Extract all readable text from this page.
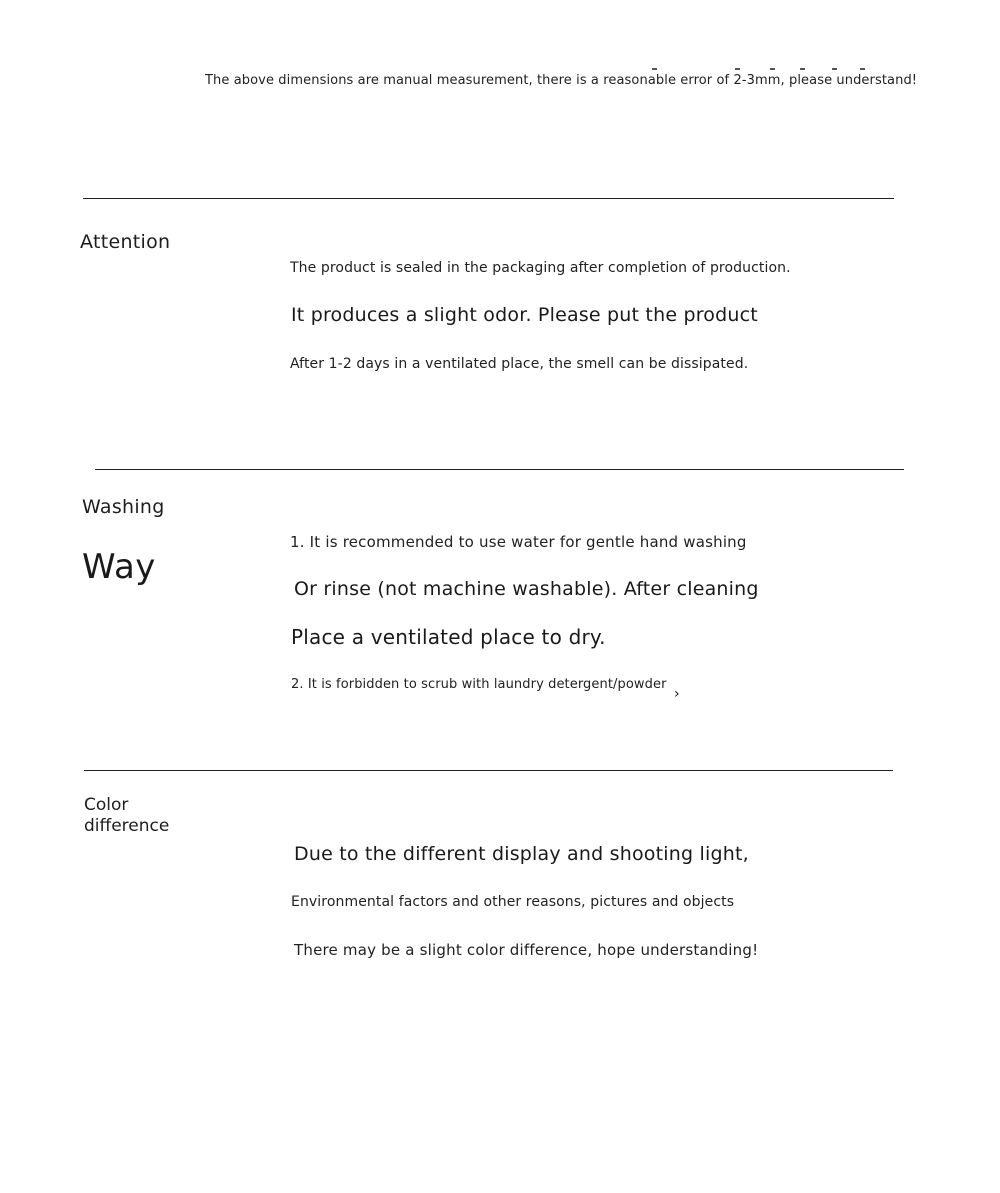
The above dimensions are manual measurement, there is a reasonable error of 2-3mm, please understand!
Attention
The product is sealed in the packaging after completion of production.
It produces a slight odor. Please put the product
After 1-2 days in a ventilated place, the smell can be dissipated.
Washing
Way
1. It is recommended to use water for gentle hand washing
Or rinse (not machine washable). After cleaning
Place a ventilated place to dry.
2. It is forbidden to scrub with laundry detergent/powder
›
Color
difference
Due to the different display and shooting light,
Environmental factors and other reasons, pictures and objects
There may be a slight color difference, hope understanding!
